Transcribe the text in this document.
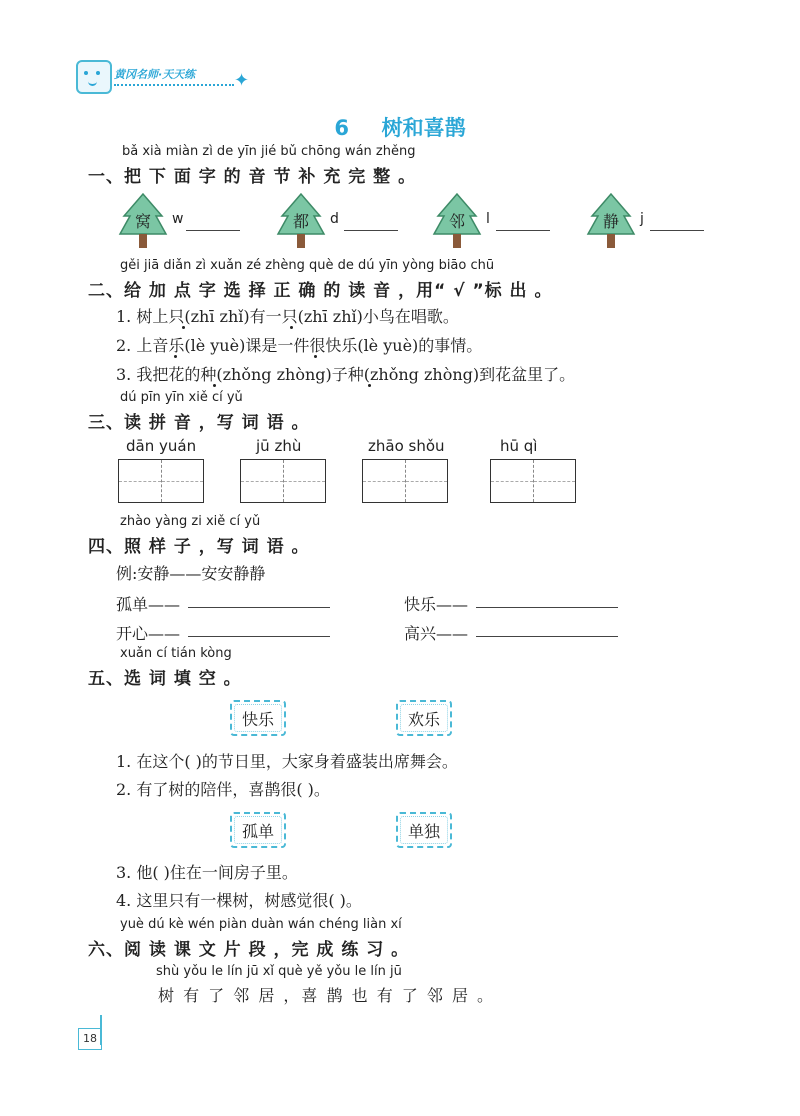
黄冈名师·天天练 ✦
6 树和喜鹊
bǎ xià miàn zì de yīn jié bǔ chōng wán zhěng
一、把 下 面 字 的 音 节 补 充 完 整 。
窝	w	都	d	邻	l	静	j
gěi jiā diǎn zì xuǎn zé zhèng què de dú yīn yòng biāo chū
二、给 加 点 字 选 择 正 确 的 读 音 ，用“ √ ”标 出 。
1. 树上只(zhī zhǐ)有一只(zhī zhǐ)小鸟在唱歌。
2. 上音乐(lè yuè)课是一件很快乐(lè yuè)的事情。
3. 我把花的种(zhǒng zhòng)子种(zhǒng zhòng)到花盆里了。
dú pīn yīn xiě cí yǔ
三、读 拼 音 ，写 词 语 。
dān yuán	jū zhù	zhāo shǒu	hū qì
zhào yàng zi xiě cí yǔ
四、照 样 子 ，写 词 语 。
例:安静——安安静静
孤单——	快乐——
开心——	高兴——
xuǎn cí tián kòng
五、选 词 填 空 。
快乐	欢乐
1. 在这个( )的节日里，大家身着盛装出席舞会。
2. 有了树的陪伴，喜鹊很( )。
孤单	单独
3. 他( )住在一间房子里。
4. 这里只有一棵树，树感觉很( )。
yuè dú kè wén piàn duàn wán chéng liàn xí
六、阅 读 课 文 片 段 ，完 成 练 习 。
shù yǒu le lín jū xǐ què yě yǒu le lín jū
树 有 了 邻 居 ，喜 鹊 也 有 了 邻 居 。
18
